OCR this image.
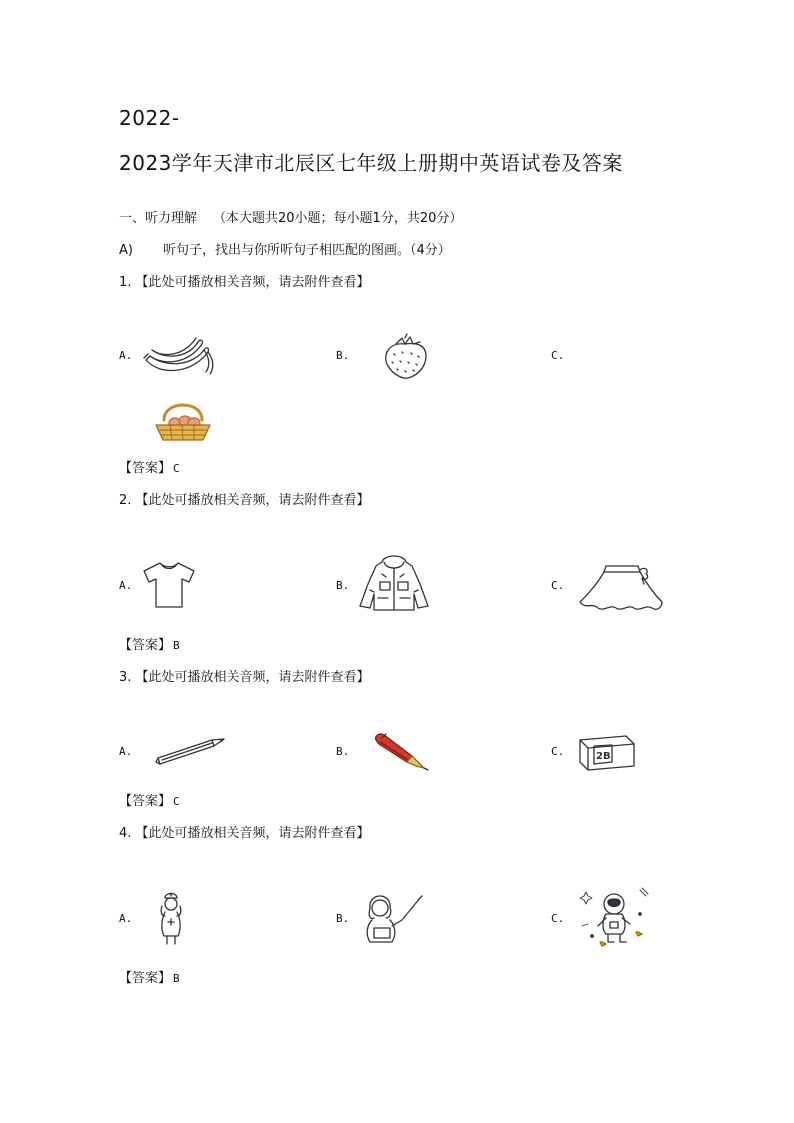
2022-
2023学年天津市北辰区七年级上册期中英语试卷及答案
一、听力理解 （本大题共20小题；每小题1分，共20分）
A) 听句子，找出与你所听句子相匹配的图画。（4分）
1. 【此处可播放相关音频，请去附件查看】
A.	B.	C.
【答案】 C
2. 【此处可播放相关音频，请去附件查看】
A.	B.	C.
【答案】 B
3. 【此处可播放相关音频，请去附件查看】
A.	B.	C.	2B
【答案】 C
4. 【此处可播放相关音频，请去附件查看】
A.	B.	C.
【答案】 B
